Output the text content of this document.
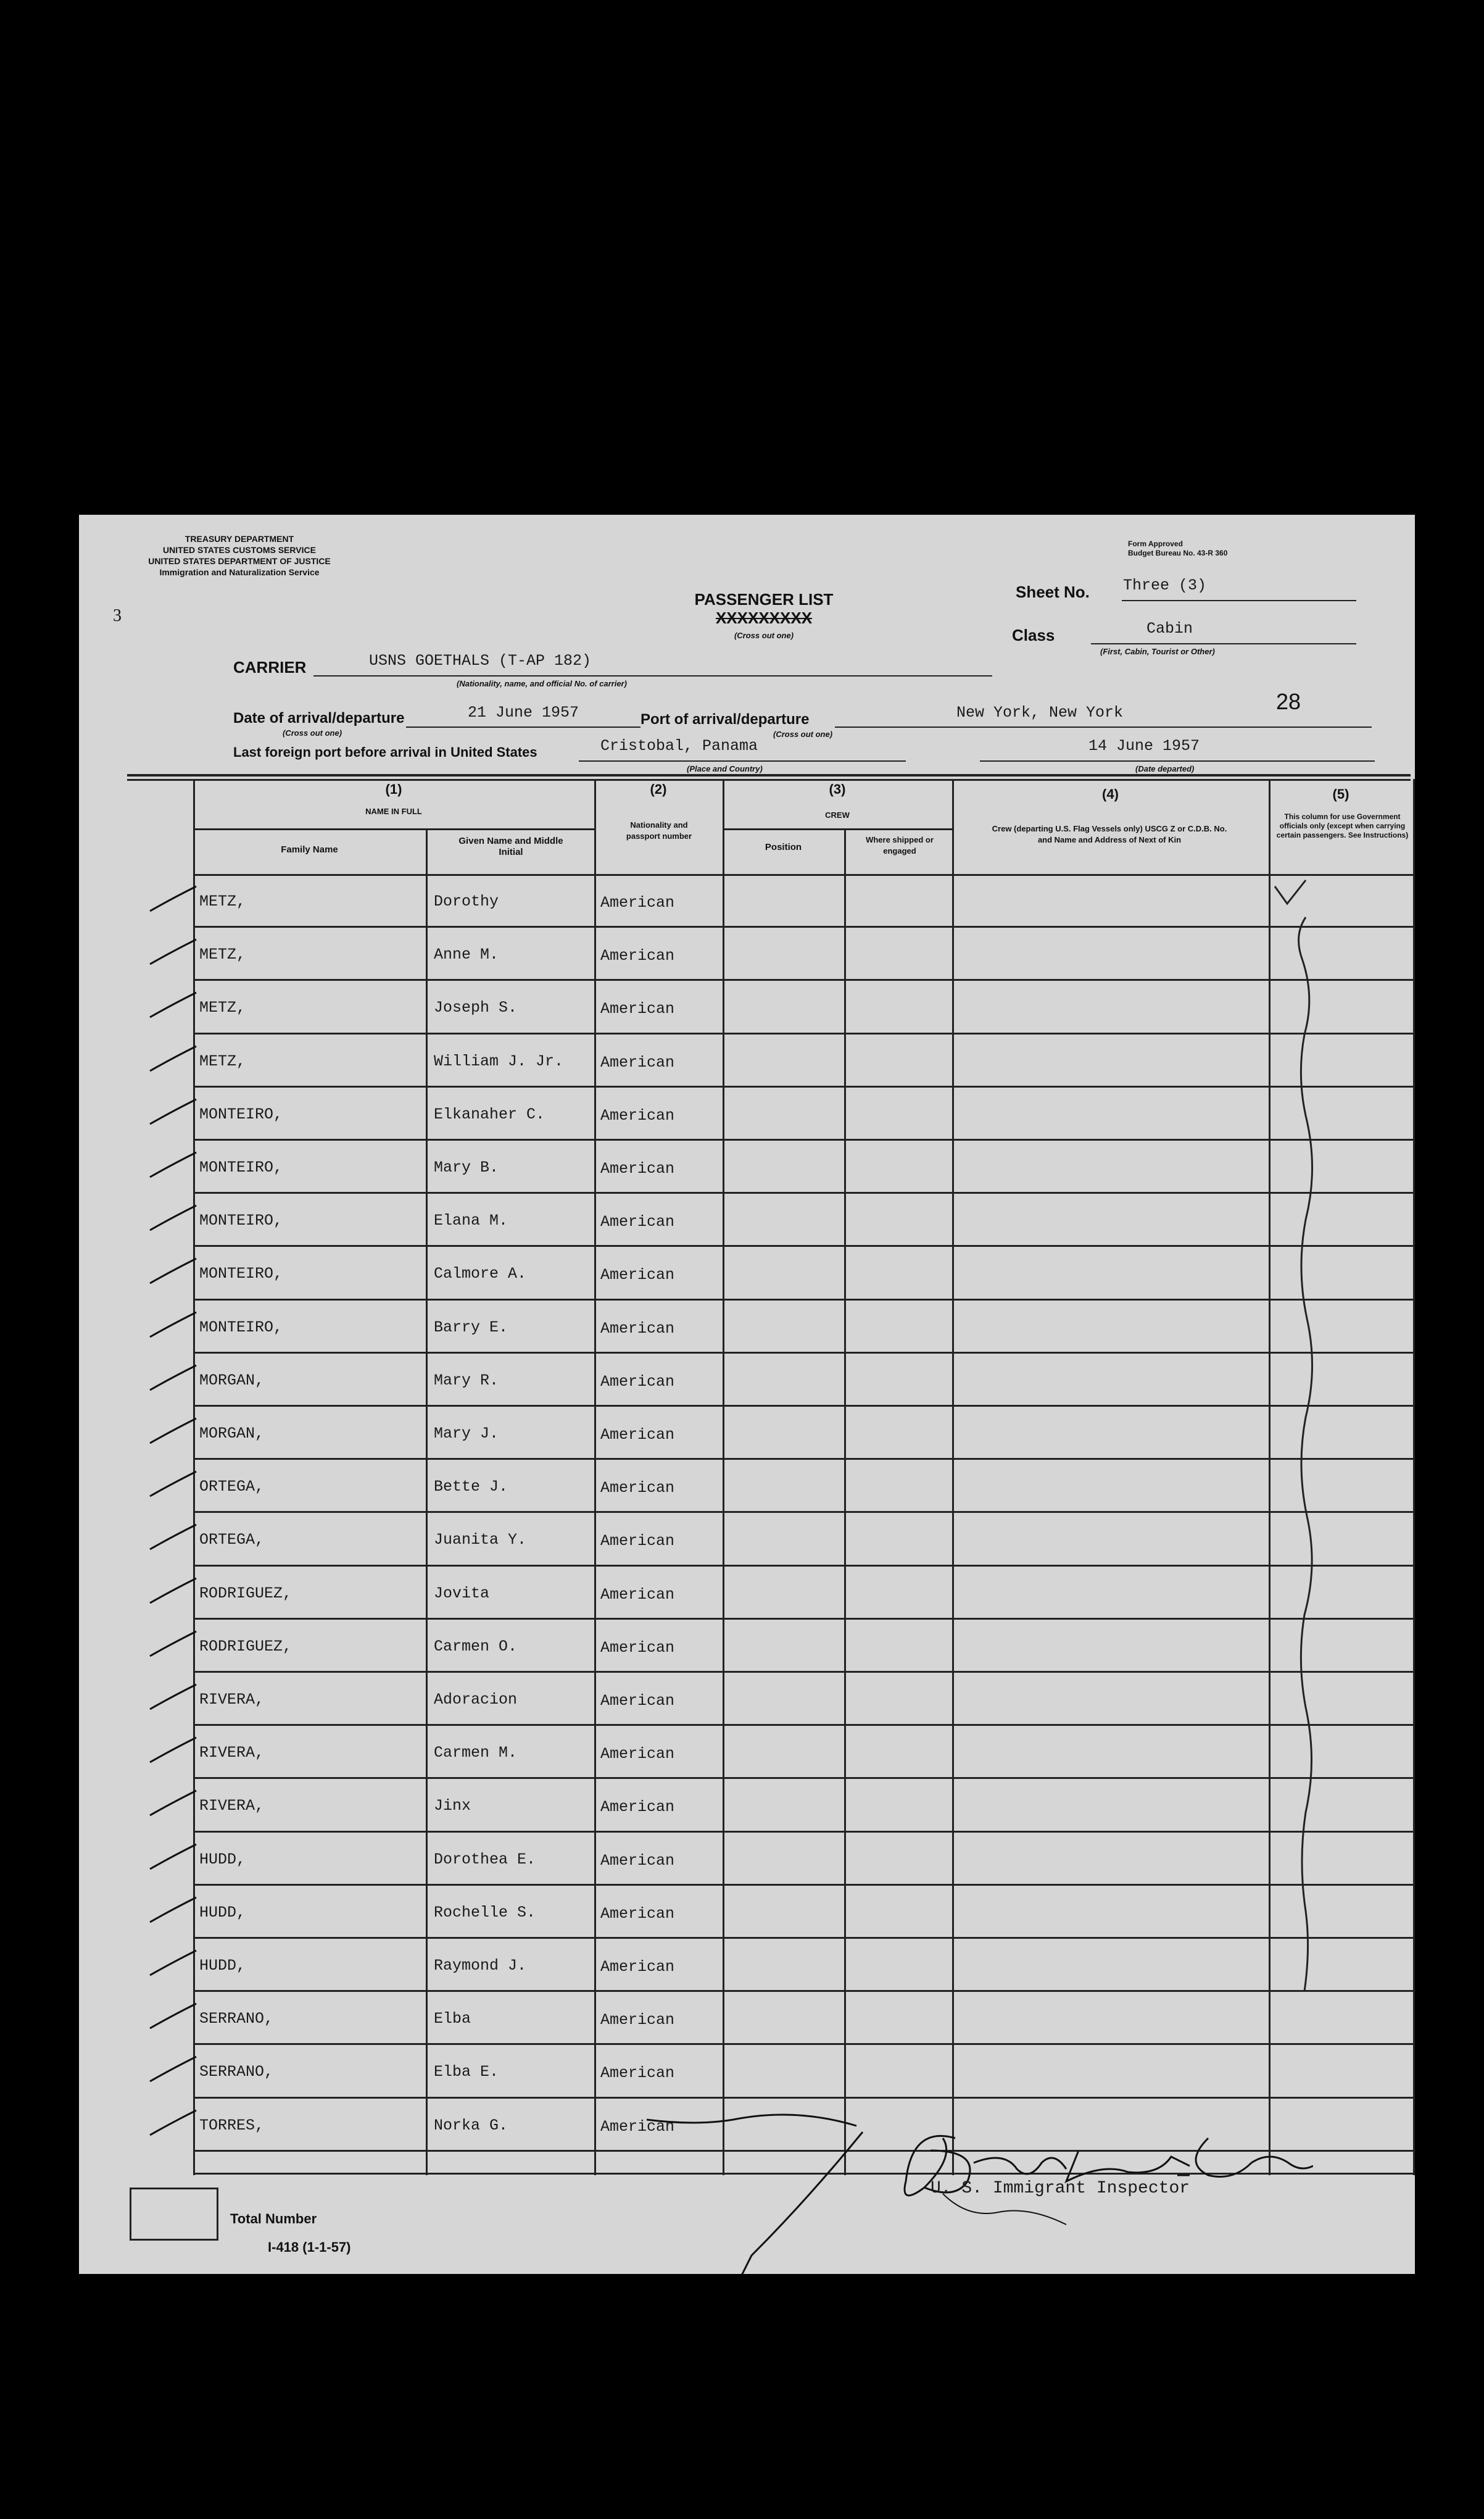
TREASURY DEPARTMENT
UNITED STATES CUSTOMS SERVICE
UNITED STATES DEPARTMENT OF JUSTICE
Immigration and Naturalization Service
Form Approved
Budget Bureau No. 43-R 360
3
PASSENGER LIST
XXXXXXXXX
(Cross out one)
Sheet No. Three (3)
Class	Cabin
(First, Cabin, Tourist or Other)
CARRIER	USNS GOETHALS (T-AP 182)
(Nationality, name, and official No. of carrier)
Date of arrival/departure	21 June 1957
(Cross out one)
Port of arrival/departure	New York, New York
(Cross out one)
28
Last foreign port before arrival in United States	Cristobal, Panama
(Place and Country)
14 June 1957
(Date departed)
(1)
NAME IN FULL
Family Name
Given Name and Middle Initial
(2)
Nationality and passport number
(3)
CREW
Position
Where shipped or engaged
(4)
Crew (departing U.S. Flag Vessels only) USCG Z or C.D.B. No. and Name and Address of Next of Kin
(5)
This column for use Government officials only (except when carrying certain passengers. See Instructions)
METZ,	Dorothy	American
METZ,	Anne M.	American
METZ,	Joseph S.	American
METZ,	William J. Jr. American
MONTEIRO,	Elkanaher C.	American
MONTEIRO,	Mary B.	American
MONTEIRO,	Elana M.	American
MONTEIRO,	Calmore A.	American
MONTEIRO,	Barry E.	American
MORGAN,	Mary R.	American
MORGAN,	Mary J.	American
ORTEGA,	Bette J.	American
ORTEGA,	Juanita Y.	American
RODRIGUEZ,	Jovita	American
RODRIGUEZ,	Carmen O.	American
RIVERA,	Adoracion	American
RIVERA,	Carmen M.	American
RIVERA,	Jinx	American
HUDD,	Dorothea E.	American
HUDD,	Rochelle S.	American
HUDD,	Raymond J.	American
SERRANO,	Elba	American
SERRANO,	Elba E.	American
TORRES,	Norka G.	American
U. S. Immigrant Inspector
Total Number
I-418 (1-1-57)
